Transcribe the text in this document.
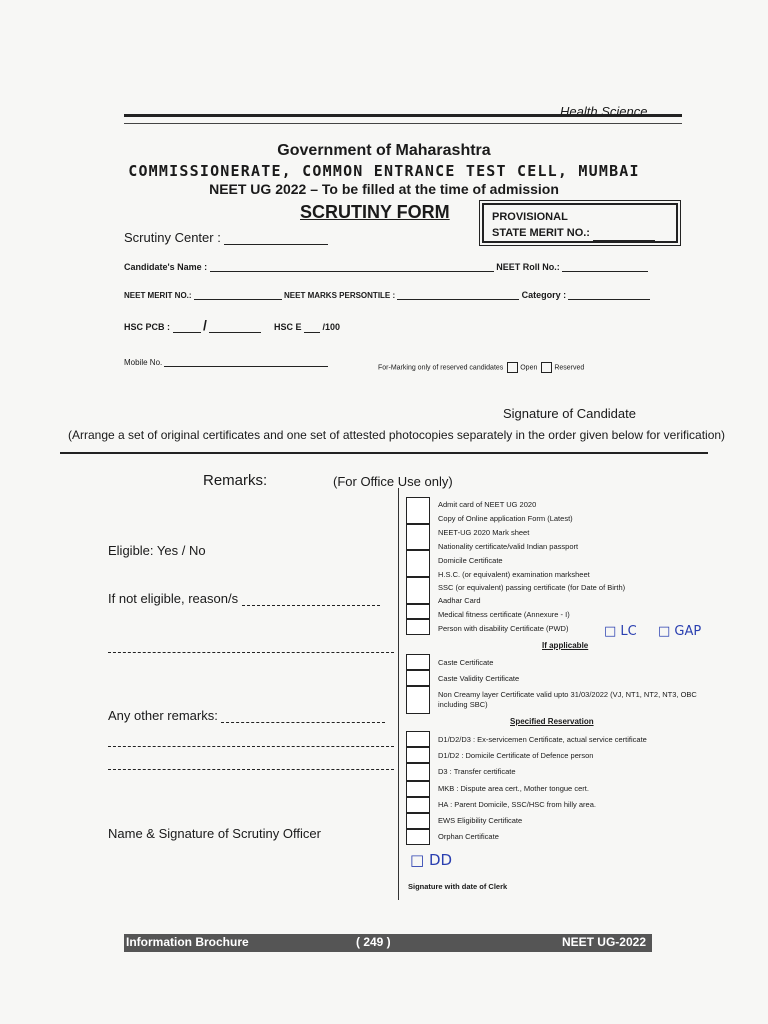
Health Science
Government of Maharashtra
COMMISSIONERATE, COMMON ENTRANCE TEST CELL, MUMBAI
NEET UG 2022 – To be filled at the time of admission
SCRUTINY FORM	PROVISIONAL
STATE MERIT NO.:
Scrutiny Center :
Candidate's Name :	NEET Roll No.:
NEET MERIT NO.:	NEET MARKS PERSONTILE :	Category :
HSC PCB : /	HSC E /100
Mobile No.
For-Marking only of reserved candidates Open Reserved
Signature of Candidate
(Arrange a set of original certificates and one set of attested photocopies separately in the order given below for verification)
Remarks:	(For Office Use only)
Eligible: Yes / No
If not eligible, reason/s
Any other remarks:
Name & Signature of Scrutiny Officer
Admit card of NEET UG 2020
Copy of Online application Form (Latest)
NEET-UG 2020 Mark sheet
Nationality certificate/valid Indian passport
Domicile Certificate
H.S.C. (or equivalent) examination marksheet
SSC (or equivalent) passing certificate (for Date of Birth)
Aadhar Card
Medical fitness certificate (Annexure - I)
Person with disability Certificate (PWD)	□ LC □ GAP
If applicable
Caste Certificate
Caste Validity Certificate
Non Creamy layer Certificate valid upto 31/03/2022 (VJ, NT1, NT2, NT3, OBC including SBC)
Specified Reservation
D1/D2/D3 : Ex-servicemen Certificate, actual service certificate
D1/D2 : Domicile Certificate of Defence person
D3 : Transfer certificate
MKB : Dispute area cert., Mother tongue cert.
HA : Parent Domicile, SSC/HSC from hilly area.
EWS Eligibility Certificate
Orphan Certificate
□ DD
Signature with date of Clerk
Information Brochure	( 249 )	NEET UG-2022
